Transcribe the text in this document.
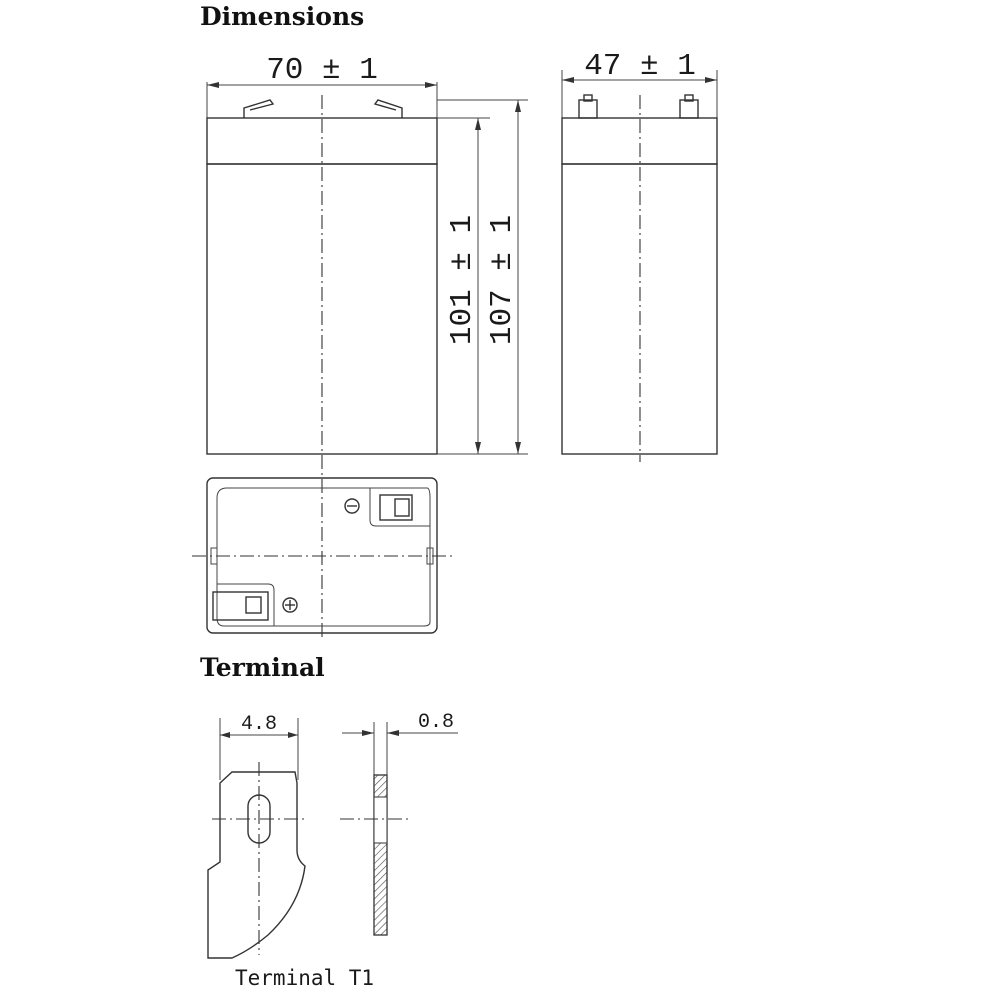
Dimensions
Terminal
70 ± 1
101 ± 1 107 ± 1
47 ± 1
4.8	0.8
Terminal T1
